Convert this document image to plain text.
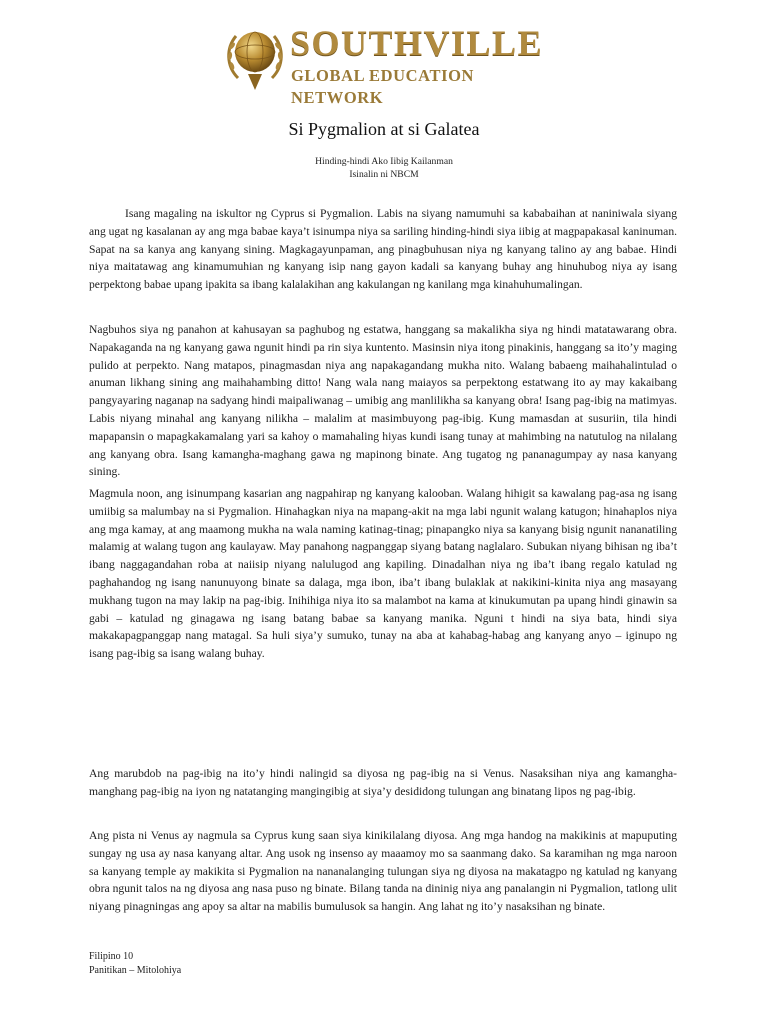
SOUTHVILLE
GLOBAL EDUCATION NETWORK
Si Pygmalion at si Galatea
Hinding-hindi Ako Iibig Kailanman
Isinalin ni NBCM

Isang magaling na iskultor ng Cyprus si Pygmalion. Labis na siyang namumuhi sa kababaihan at naniniwala siyang ang ugat ng kasalanan ay ang mga babae kaya’t isinumpa niya sa sariling hinding-hindi siya iibig at magpapakasal kaninuman. Sapat na sa kanya ang kanyang sining. Magkagayunpaman, ang pinagbuhusan niya ng kanyang talino ay ang babae. Hindi niya maitatawag ang kinamumuhian ng kanyang isip nang gayon kadali sa kanyang buhay ang hinuhubog niya ay isang perpektong babae upang ipakita sa ibang kalalakihan ang kakulangan ng kanilang mga kinahuhumalingan.

Nagbuhos siya ng panahon at kahusayan sa paghubog ng estatwa, hanggang sa makalikha siya ng hindi matatawarang obra. Napakaganda na ng kanyang gawa ngunit hindi pa rin siya kuntento. Masinsin niya itong pinakinis, hanggang sa ito’y maging pulido at perpekto. Nang matapos, pinagmasdan niya ang napakagandang mukha nito. Walang babaeng maihahalintulad o anuman likhang sining ang maihahambing ditto! Nang wala nang maiayos sa perpektong estatwang ito ay may kakaibang pangyayaring naganap na sadyang hindi maipaliwanag – umibig ang manlilikha sa kanyang obra! Isang pag-ibig na matimyas. Labis niyang minahal ang kanyang nilikha – malalim at masimbuyong pag-ibig. Kung mamasdan at susuriin, tila hindi mapapansin o mapagkakamalang yari sa kahoy o mamahaling hiyas kundi isang tunay at mahimbing na natutulog na nilalang ang kanyang obra. Isang kamangha-maghang gawa ng mapinong binate. Ang tugatog ng pananagumpay ay nasa kanyang sining.

Magmula noon, ang isinumpang kasarian ang nagpahirap ng kanyang kalooban. Walang hihigit sa kawalang pag-asa ng isang umiibig sa malumbay na si Pygmalion. Hinahagkan niya na mapang-akit na mga labi ngunit walang katugon; hinahaplos niya ang mga kamay, at ang maamong mukha na wala naming katinag-tinag; pinapangko niya sa kanyang bisig ngunit nananatiling malamig at walang tugon ang kaulayaw. May panahong nagpanggap siyang batang naglalaro. Subukan niyang bihisan ng iba’t ibang naggagandahan roba at naiisip niyang nalulugod ang kapiling. Dinadalhan niya ng iba’t ibang regalo katulad ng paghahandog ng isang nanunuyong binate sa dalaga, mga ibon, iba’t ibang bulaklak at nakikini-kinita niya ang masayang mukhang tugon na may lakip na pag-ibig. Inihihiga niya ito sa malambot na kama at kinukumutan pa upang hindi ginawin sa gabi – katulad ng ginagawa ng isang batang babae sa kanyang manika. Nguni t hindi na siya bata, hindi siya makakapagpanggap nang matagal. Sa huli siya’y sumuko, tunay na aba at kahabag-habag ang kanyang anyo – iginupo ng isang pag-ibig sa isang walang buhay.

Ang marubdob na pag-ibig na ito’y hindi nalingid sa diyosa ng pag-ibig na si Venus. Nasaksihan niya ang kamangha-manghang pag-ibig na iyon ng natatanging mangingibig at siya’y desididong tulungan ang binatang lipos ng pag-ibig.

Ang pista ni Venus ay nagmula sa Cyprus kung saan siya kinikilalang diyosa. Ang mga handog na makikinis at mapuputing sungay ng usa ay nasa kanyang altar. Ang usok ng insenso ay maaamoy mo sa saanmang dako. Sa karamihan ng mga naroon sa kanyang temple ay makikita si Pygmalion na nananalanging tulungan siya ng diyosa na makatagpo ng katulad ng kanyang obra ngunit talos na ng diyosa ang nasa puso ng binate. Bilang tanda na dininig niya ang panalangin ni Pygmalion, tatlong ulit niyang pinagningas ang apoy sa altar na mabilis bumulusok sa hangin. Ang lahat ng ito’y nasaksihan ng binate.

Filipino 10
Panitikan – Mitolohiya
